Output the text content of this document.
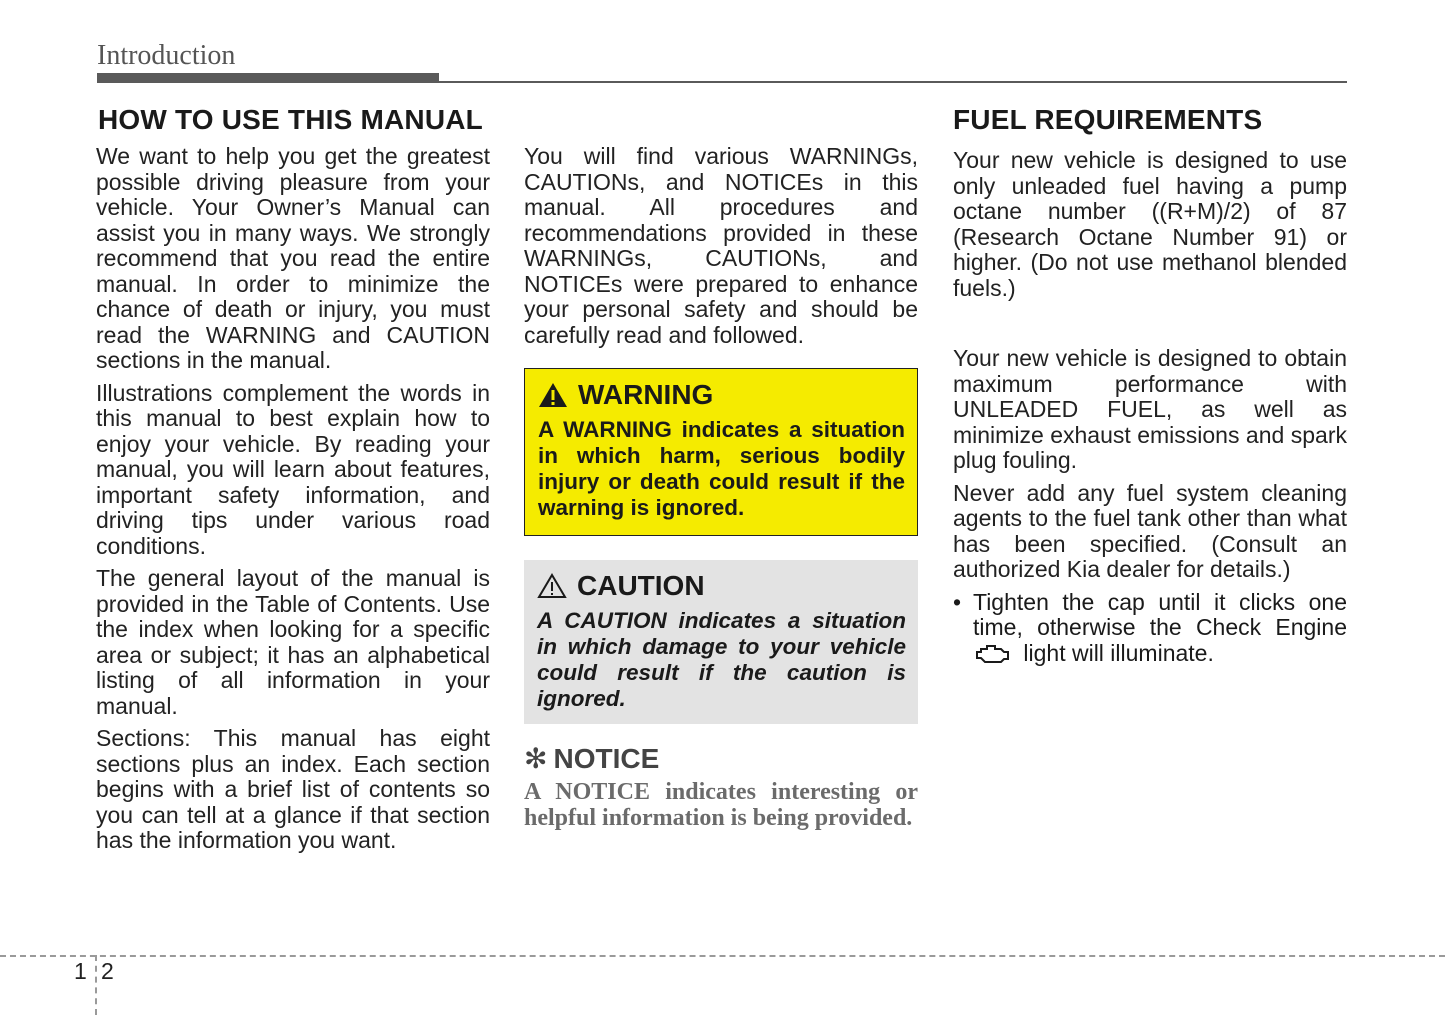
Introduction
HOW TO USE THIS MANUAL

We want to help you get the greatest possible driving pleasure from your vehicle. Your Owner’s Manual can assist you in many ways. We strongly recommend that you read the entire manual. In order to minimize the chance of death or injury, you must read the WARNING and CAUTION sections in the manual.

Illustrations complement the words in this manual to best explain how to enjoy your vehicle. By reading your manual, you will learn about features, important safety information, and driving tips under various road conditions.

The general layout of the manual is provided in the Table of Contents. Use the index when looking for a specific area or subject; it has an alphabetical listing of all information in your manual.

Sections: This manual has eight sections plus an index. Each section begins with a brief list of contents so you can tell at a glance if that section has the information you want.

You will find various WARNINGs, CAUTIONs, and NOTICEs in this manual. All procedures and recommendations provided in these WARNINGs, CAUTIONs, and NOTICEs were prepared to enhance your personal safety and should be carefully read and followed.

WARNING

A WARNING indicates a situation in which harm, serious bodily injury or death could result if the warning is ignored.

CAUTION

A CAUTION indicates a situation in which damage to your vehicle could result if the caution is ignored.

✻ NOTICE

A NOTICE indicates interesting or helpful information is being provided.

FUEL REQUIREMENTS

Your new vehicle is designed to use only unleaded fuel having a pump octane number ((R+M)/2) of 87 (Research Octane Number 91) or higher. (Do not use methanol blended fuels.)

Your new vehicle is designed to obtain maximum performance with UNLEADED FUEL, as well as minimize exhaust emissions and spark plug fouling.

Never add any fuel system cleaning agents to the fuel tank other than what has been specified. (Consult an authorized Kia dealer for details.)

• Tighten the cap until it clicks one time, otherwise the Check Engine  light will illuminate.
1 2
